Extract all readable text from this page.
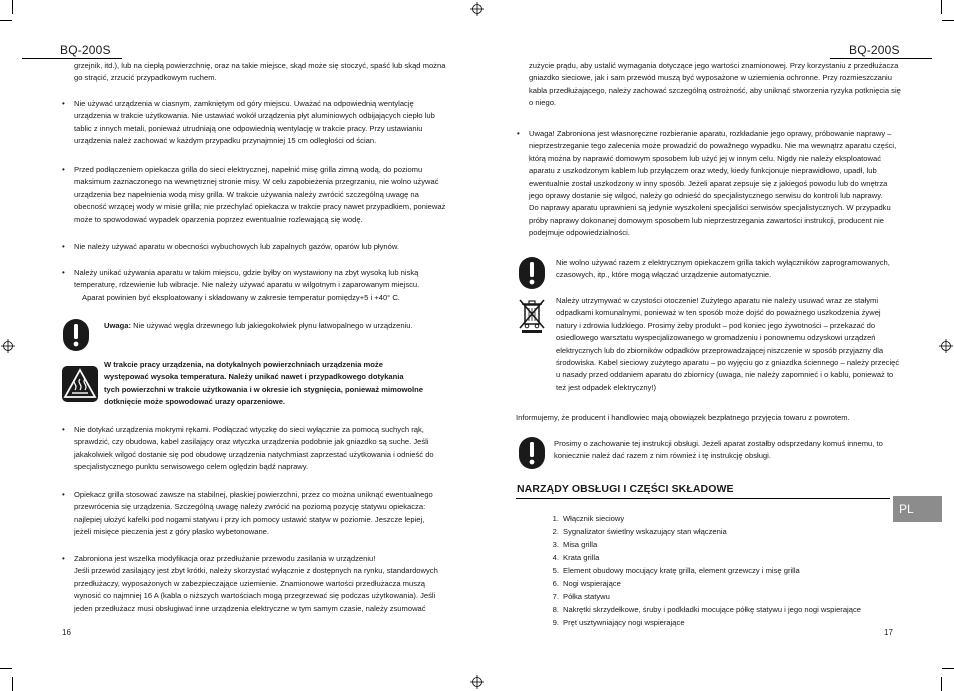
BQ-200S
grzejnik, itd.), lub na ciepłą powierzchnię, oraz na takie miejsce, skąd może się stoczyć, spaść lub skąd można
go strącić, zrzucić przypadkowym ruchem.
• Nie używać urządzenia w ciasnym, zamkniętym od góry miejscu. Uważać na odpowiednią wentylację
urządzenia w trakcie użytkowania. Nie ustawiać wokół urządzenia płyt aluminiowych odbijających ciepło lub
tablic z innych metali, ponieważ utrudniają one odpowiednią wentylację w trakcie pracy. Przy ustawianiu
urządzenia należ zachować w każdym przypadku przynajmniej 15 cm odległości od ścian.
• Przed podłączeniem opiekacza grilla do sieci elektrycznej, napełnić misę grilla zimną wodą, do poziomu
maksimum zaznaczonego na wewnętrznej stronie misy. W celu zapobieżenia przegrzaniu, nie wolno używać
urządzenia bez napełnienia wodą misy grilla. W trakcie używania należy zwrócić szczególną uwagę na
obecność wrzącej wody w misie grilla; nie przechylać opiekacza w trakcie pracy nawet przypadkiem, ponieważ
może to spowodować wypadek oparzenia poprzez ewentualnie rozlewającą się wodę.
• Nie należy używać aparatu w obecności wybuchowych lub zapalnych gazów, oparów lub płynów.
• Należy unikać używania aparatu w takim miejscu, gdzie byłby on wystawiony na zbyt wysoką lub niską
temperaturę, rdzewienie lub wibracje. Nie należy używać aparatu w wilgotnym i zaparowanym miejscu.
Aparat powinien być eksploatowany i składowany w zakresie temperatur pomiędzy+5 i +40° C.
Uwaga: Nie używać węgla drzewnego lub jakiegokolwiek płynu łatwopalnego w urządzeniu.
W trakcie pracy urządzenia, na dotykalnych powierzchniach urządzenia może
występować wysoka temperatura. Należy unikać nawet i przypadkowego dotykania
tych powierzchni w trakcie użytkowania i w okresie ich stygnięcia, ponieważ mimowolne
dotknięcie może spowodować urazy oparzeniowe.
• Nie dotykać urządzenia mokrymi rękami. Podłączać wtyczkę do sieci wyłącznie za pomocą suchych rąk,
sprawdzić, czy obudowa, kabel zasilający oraz wtyczka urządzenia podobnie jak gniazdko są suche. Jeśli
jakakolwiek wilgoć dostanie się pod obudowę urządzenia natychmiast zaprzestać użytkowania i odnieść do
specjalistycznego punktu serwisowego celem oględzin bądź naprawy.
• Opiekacz grilla stosować zawsze na stabilnej, płaskiej powierzchni, przez co można uniknąć ewentualnego
przewrócenia się urządzenia. Szczególną uwagę należy zwrócić na poziomą pozycję statywu opiekacza:
najlepiej ułożyć kafelki pod nogami statywu i przy ich pomocy ustawić statyw w poziomie. Jeszcze lepiej,
jeżeli misięce pieczenia jest z góry płasko wybetonowane.
• Zabroniona jest wszelka modyfikacja oraz przedłużanie przewodu zasilania w urządzeniu!
Jeśli przewód zasilający jest zbyt krótki, należy skorzystać wyłącznie z dostępnych na rynku, standardowych
przedłużaczy, wyposażonych w zabezpieczające uziemienie. Znamionowe wartości przedłużacza muszą
wynosić co najmniej 16 A (kabla o niższych wartościach mogą przegrzewać się podczas użytkowania). Jeśli
jeden przedłużacz musi obsługiwać inne urządzenia elektryczne w tym samym czasie, należy zsumować
16
BQ-200S
zużycie prądu, aby ustalić wymagania dotyczące jego wartości znamionowej. Przy korzystaniu z przedłużacza
gniazdko sieciowe, jak i sam przewód muszą być wyposażone w uziemienia ochronne. Przy rozmieszczaniu
kabla przedłużającego, należy zachować szczególną ostrożność, aby uniknąć stworzenia ryzyka potknięcia się
o niego.
• Uwaga! Zabroniona jest własnoręczne rozbieranie aparatu, rozkładanie jego oprawy, próbowanie naprawy –
nieprzestrzeganie tego zalecenia może prowadzić do powažnego wypadku. Nie ma wewnątrz aparatu części,
którą można by naprawić domowym sposobem lub użyć jej w innym celu. Nigdy nie należy eksploatować
aparatu z uszkodzonym kablem lub przyłączem oraz wtedy, kiedy funkcjonuje nieprawidłowo, upadł, lub
ewentualnie został uszkodzony w inny sposób. Jeżeli aparat zepsuje się z jakiegoś powodu lub do wnętrza
jego oprawy dostanie się wilgoć, należy go odnieść do specjalistycznego serwisu do kontroli lub naprawy.
Do naprawy aparatu uprawnieni są jedynie wyszkoleni specjaliści serwisów specjalistycznych. W przypadku
próby naprawy dokonanej domowym sposobem lub nieprzestrzegania zawartości instrukcji, producent nie
podejmuje odpowiedzialności.
Nie wolno używać razem z elektrycznym opiekaczem grilla takich wyłączników zaprogramowanych,
czasowych, itp., które mogą włączać urządzenie automatycznie.
Należy utrzymywać w czystości otoczenie! Zużytego aparatu nie należy usuwać wraz ze stałymi
odpadkami komunalnymi, ponieważ w ten sposób może dojść do poważnego uszkodzenia żywej
natury i zdrowia ludzkiego. Prosimy żeby produkt – pod koniec jego żywotności – przekazać do
osiedlowego warsztatu wyspecjalizowanego w gromadzeniu i ponownemu odzyskowi urządzeń
elektrycznych lub do zbiorników odpadków przeprowadzającej niszczenie w sposób przyjazny dla
środowiska. Kabel sieciowy zużytego aparatu – po wyjęciu go z gniazdka ściennego – należy przecięć
u nasady przed oddaniem aparatu do zbiornicy (uwaga, nie należy zapomnieć i o kablu, ponieważ to
też jest odpadek elektryczny!)
Informujemy, że producent i handlowiec mają obowiązek bezpłatnego przyjęcia towaru z powrotem.
Prosimy o zachowanie tej instrukcji obsługi. Jeżeli aparat zostałby odsprzedany komuś innemu, to
koniecznie należ dać razem z nim również i tę instrukcję obsługi.
NARZĄDY OBSŁUGI I CZĘŚCI SKŁADOWE
PL
1. Włącznik sieciowy
2. Sygnalizator świetlny wskazujący stan włączenia
3. Misa grilla
4. Krata grilla
5. Element obudowy mocujący kratę grilla, element grzewczy i misę grilla
6. Nogi wspierające
7. Półka statywu
8. Nakrętki skrzydełkowe, śruby i podkładki mocujące półkę statywu i jego nogi wspierające
9. Pręt usztywniający nogi wspierające
17
